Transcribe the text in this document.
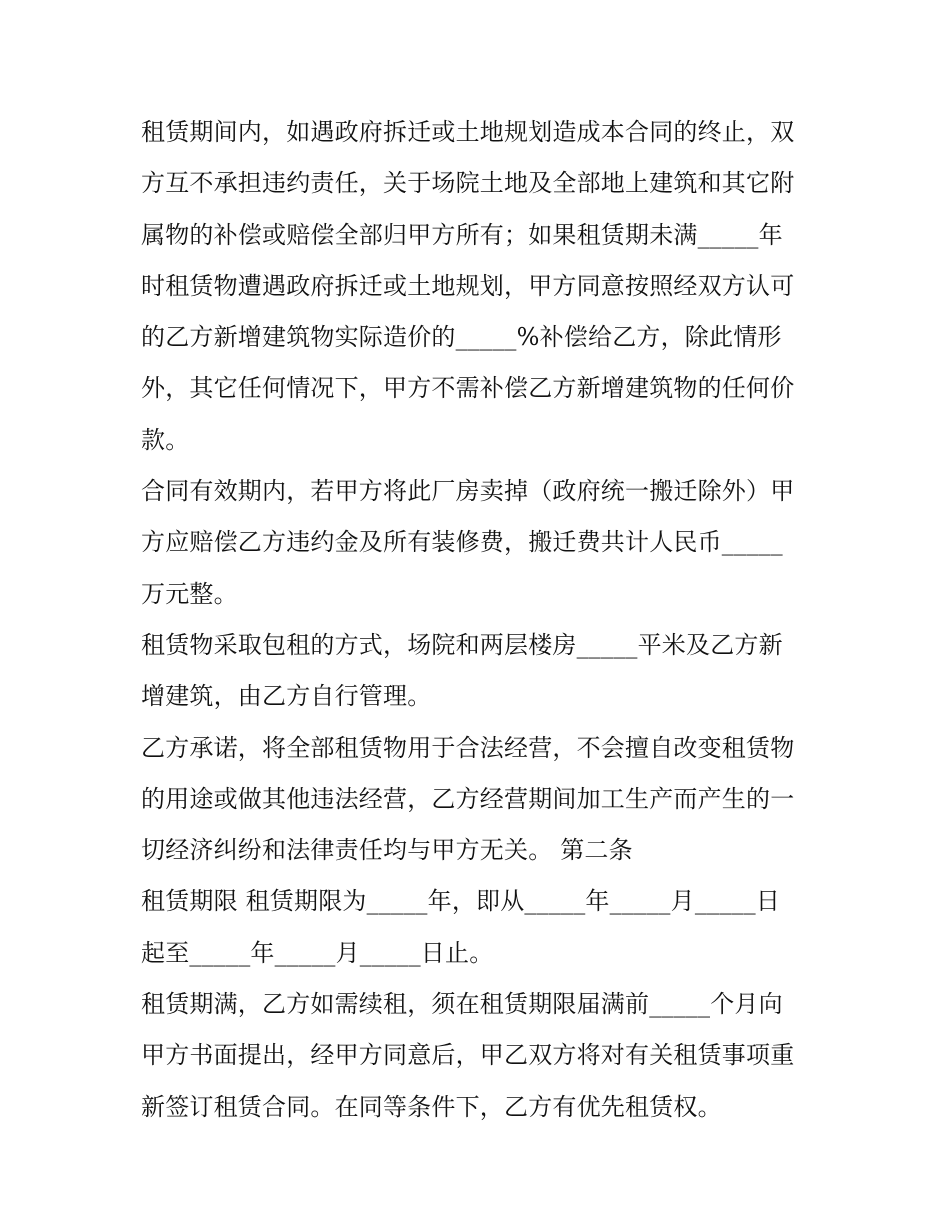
租赁期间内，如遇政府拆迁或土地规划造成本合同的终止，双
方互不承担违约责任，关于场院土地及全部地上建筑和其它附
属物的补偿或赔偿全部归甲方所有；如果租赁期未满_____年
时租赁物遭遇政府拆迁或土地规划，甲方同意按照经双方认可
的乙方新增建筑物实际造价的_____%补偿给乙方，除此情形
外，其它任何情况下，甲方不需补偿乙方新增建筑物的任何价
款。
合同有效期内，若甲方将此厂房卖掉（政府统一搬迁除外）甲
方应赔偿乙方违约金及所有装修费，搬迁费共计人民币_____
万元整。
租赁物采取包租的方式，场院和两层楼房_____平米及乙方新
增建筑，由乙方自行管理。
乙方承诺，将全部租赁物用于合法经营，不会擅自改变租赁物
的用途或做其他违法经营，乙方经营期间加工生产而产生的一
切经济纠纷和法律责任均与甲方无关。 第二条
租赁期限 租赁期限为_____年，即从_____年_____月_____日
起至_____年_____月_____日止。
租赁期满，乙方如需续租，须在租赁期限届满前_____个月向
甲方书面提出，经甲方同意后，甲乙双方将对有关租赁事项重
新签订租赁合同。在同等条件下，乙方有优先租赁权。
